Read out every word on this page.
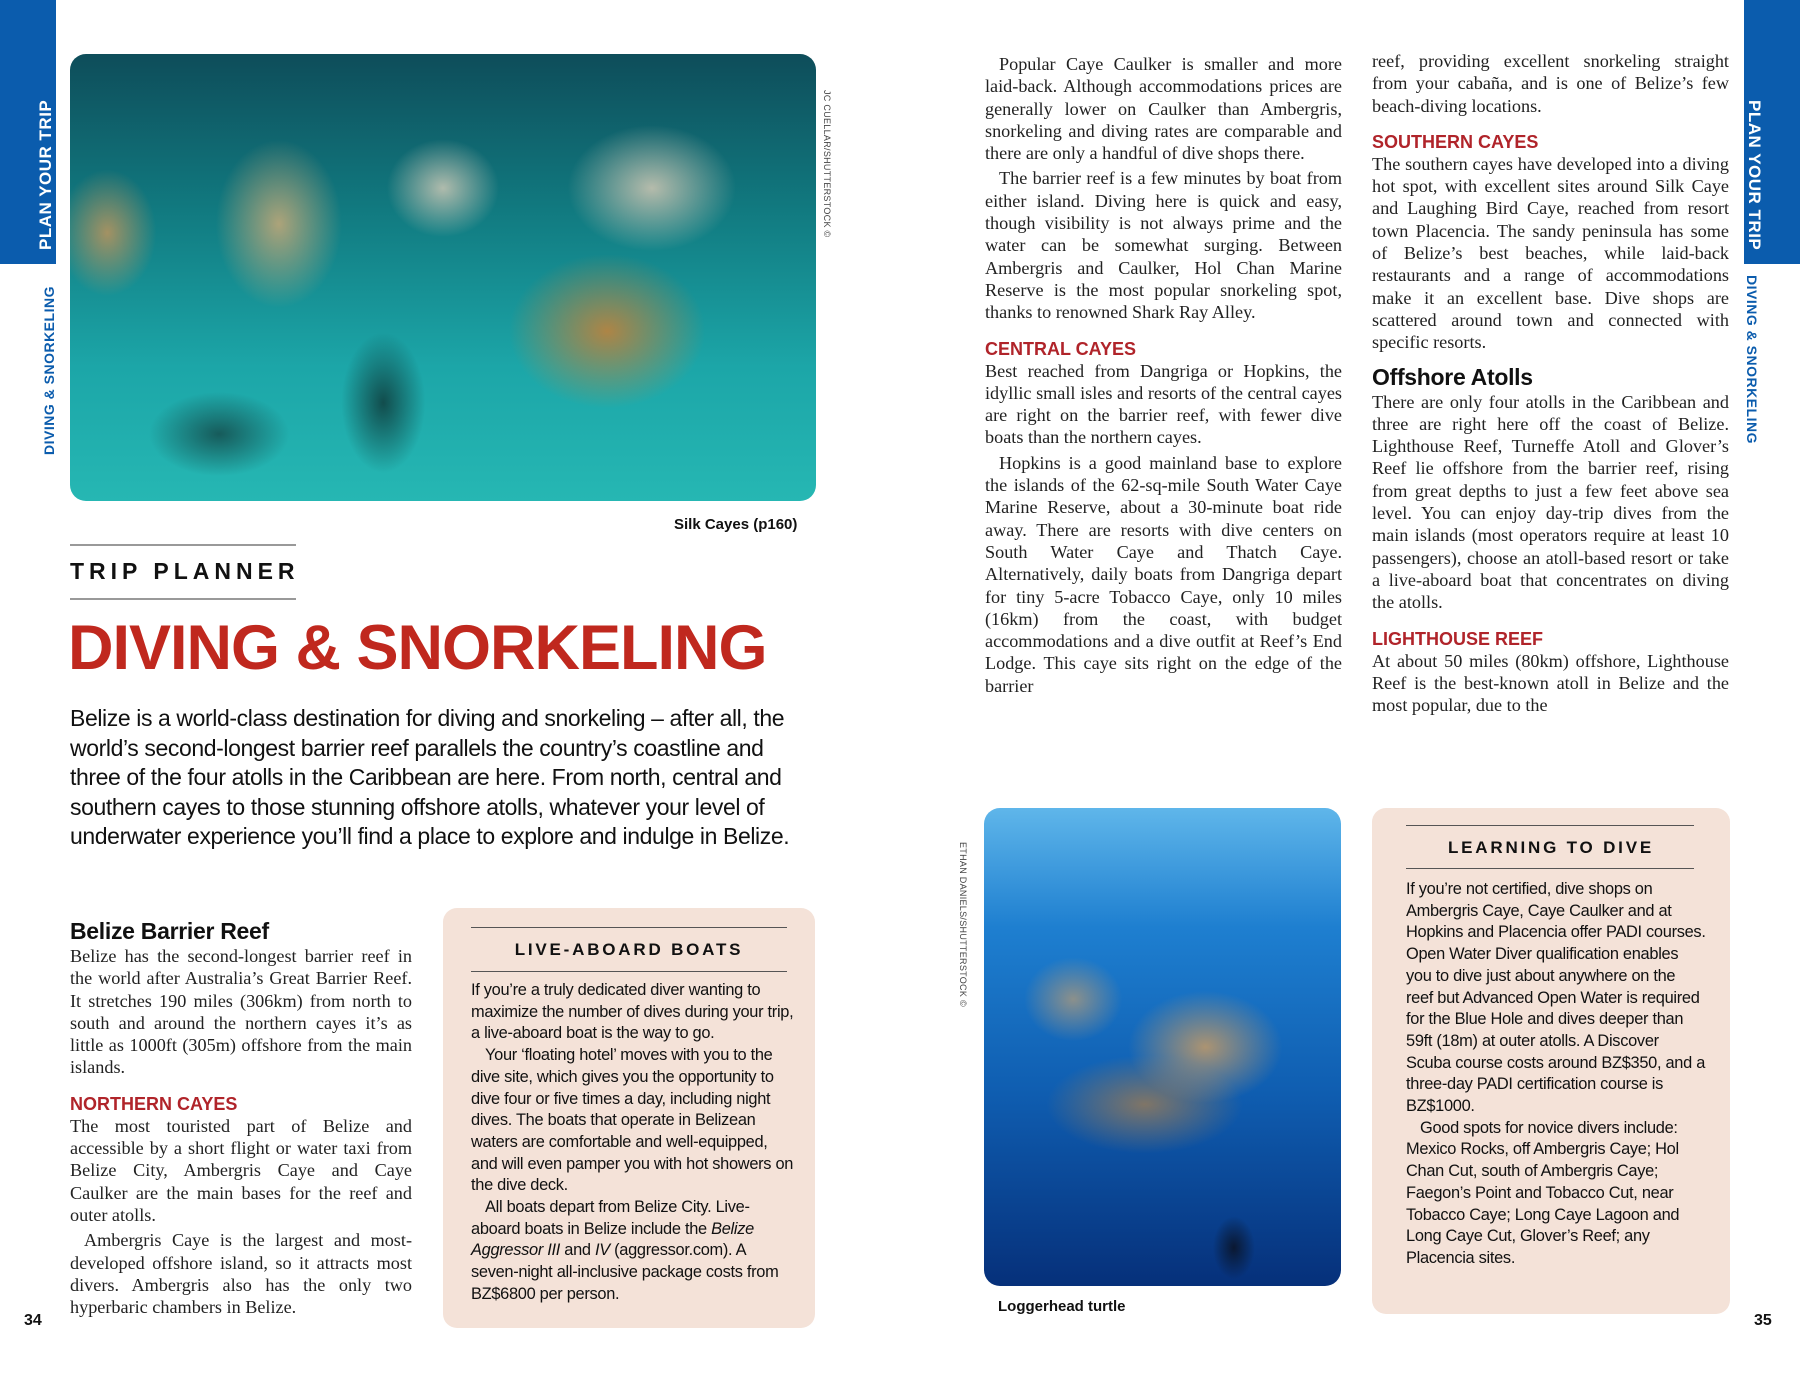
PLAN YOUR TRIP
DIVING & SNORKELING
PLAN YOUR TRIP
DIVING & SNORKELING
JC CUELLAR/SHUTTERSTOCK ©
Silk Cayes (p160)
TRIP PLANNER
DIVING & SNORKELING

Belize is a world-class destination for diving and snorkeling – after all, the world’s second-longest barrier reef parallels the country’s coastline and three of the four atolls in the Caribbean are here. From north, central and southern cayes to those stunning offshore atolls, whatever your level of underwater experience you’ll find a place to explore and indulge in Belize.

Belize Barrier Reef

Belize has the second-longest barrier reef in the world after Australia’s Great Barrier Reef. It stretches 190 miles (306km) from north to south and around the northern cayes it’s as little as 1000ft (305m) offshore from the main islands.

NORTHERN CAYES

The most touristed part of Belize and accessible by a short flight or water taxi from Belize City, Ambergris Caye and Caye Caulker are the main bases for the reef and outer atolls.

Ambergris Caye is the largest and most-developed offshore island, so it attracts most divers. Ambergris also has the only two hyperbaric chambers in Belize.

LIVE-ABOARD BOATS

If you’re a truly dedicated diver wanting to maximize the number of dives during your trip, a live-aboard boat is the way to go.

Your ‘floating hotel’ moves with you to the dive site, which gives you the opportunity to dive four or five times a day, including night dives. The boats that operate in Belizean waters are comfortable and well-equipped, and will even pamper you with hot showers on the dive deck.

All boats depart from Belize City. Live-aboard boats in Belize include the Belize Aggressor III and IV (aggressor.com). A seven-night all-inclusive package costs from BZ$6800 per person.

34

Popular Caye Caulker is smaller and more laid-back. Although accommodations prices are generally lower on Caulker than Ambergris, snorkeling and diving rates are comparable and there are only a handful of dive shops there.

The barrier reef is a few minutes by boat from either island. Diving here is quick and easy, though visibility is not always prime and the water can be somewhat surging. Between Ambergris and Caulker, Hol Chan Marine Reserve is the most popular snorkeling spot, thanks to renowned Shark Ray Alley.

CENTRAL CAYES

Best reached from Dangriga or Hopkins, the idyllic small isles and resorts of the central cayes are right on the barrier reef, with fewer dive boats than the northern cayes.

Hopkins is a good mainland base to explore the islands of the 62-sq-mile South Water Caye Marine Reserve, about a 30-minute boat ride away. There are resorts with dive centers on South Water Caye and Thatch Caye. Alternatively, daily boats from Dangriga depart for tiny 5-acre Tobacco Caye, only 10 miles (16km) from the coast, with budget accommodations and a dive outfit at Reef’s End Lodge. This caye sits right on the edge of the barrier

reef, providing excellent snorkeling straight from your cabaña, and is one of Belize’s few beach-diving locations.

SOUTHERN CAYES

The southern cayes have developed into a diving hot spot, with excellent sites around Silk Caye and Laughing Bird Caye, reached from resort town Placencia. The sandy peninsula has some of Belize’s best beaches, while laid-back restaurants and a range of accommodations make it an excellent base. Dive shops are scattered around town and connected with specific resorts.

Offshore Atolls

There are only four atolls in the Caribbean and three are right here off the coast of Belize. Lighthouse Reef, Turneffe Atoll and Glover’s Reef lie offshore from the barrier reef, rising from great depths to just a few feet above sea level. You can enjoy day-trip dives from the main islands (most operators require at least 10 passengers), choose an atoll-based resort or take a live-aboard boat that concentrates on diving the atolls.

LIGHTHOUSE REEF

At about 50 miles (80km) offshore, Lighthouse Reef is the best-known atoll in Belize and the most popular, due to the

ETHAN DANIELS/SHUTTERSTOCK ©
Loggerhead turtle
LEARNING TO DIVE

If you’re not certified, dive shops on Ambergris Caye, Caye Caulker and at Hopkins and Placencia offer PADI courses. Open Water Diver qualification enables you to dive just about anywhere on the reef but Advanced Open Water is required for the Blue Hole and dives deeper than 59ft (18m) at outer atolls. A Discover Scuba course costs around BZ$350, and a three-day PADI certification course is BZ$1000.

Good spots for novice divers include: Mexico Rocks, off Ambergris Caye; Hol Chan Cut, south of Ambergris Caye; Faegon’s Point and Tobacco Cut, near Tobacco Caye; Long Caye Lagoon and Long Caye Cut, Glover’s Reef; any Placencia sites.

35
